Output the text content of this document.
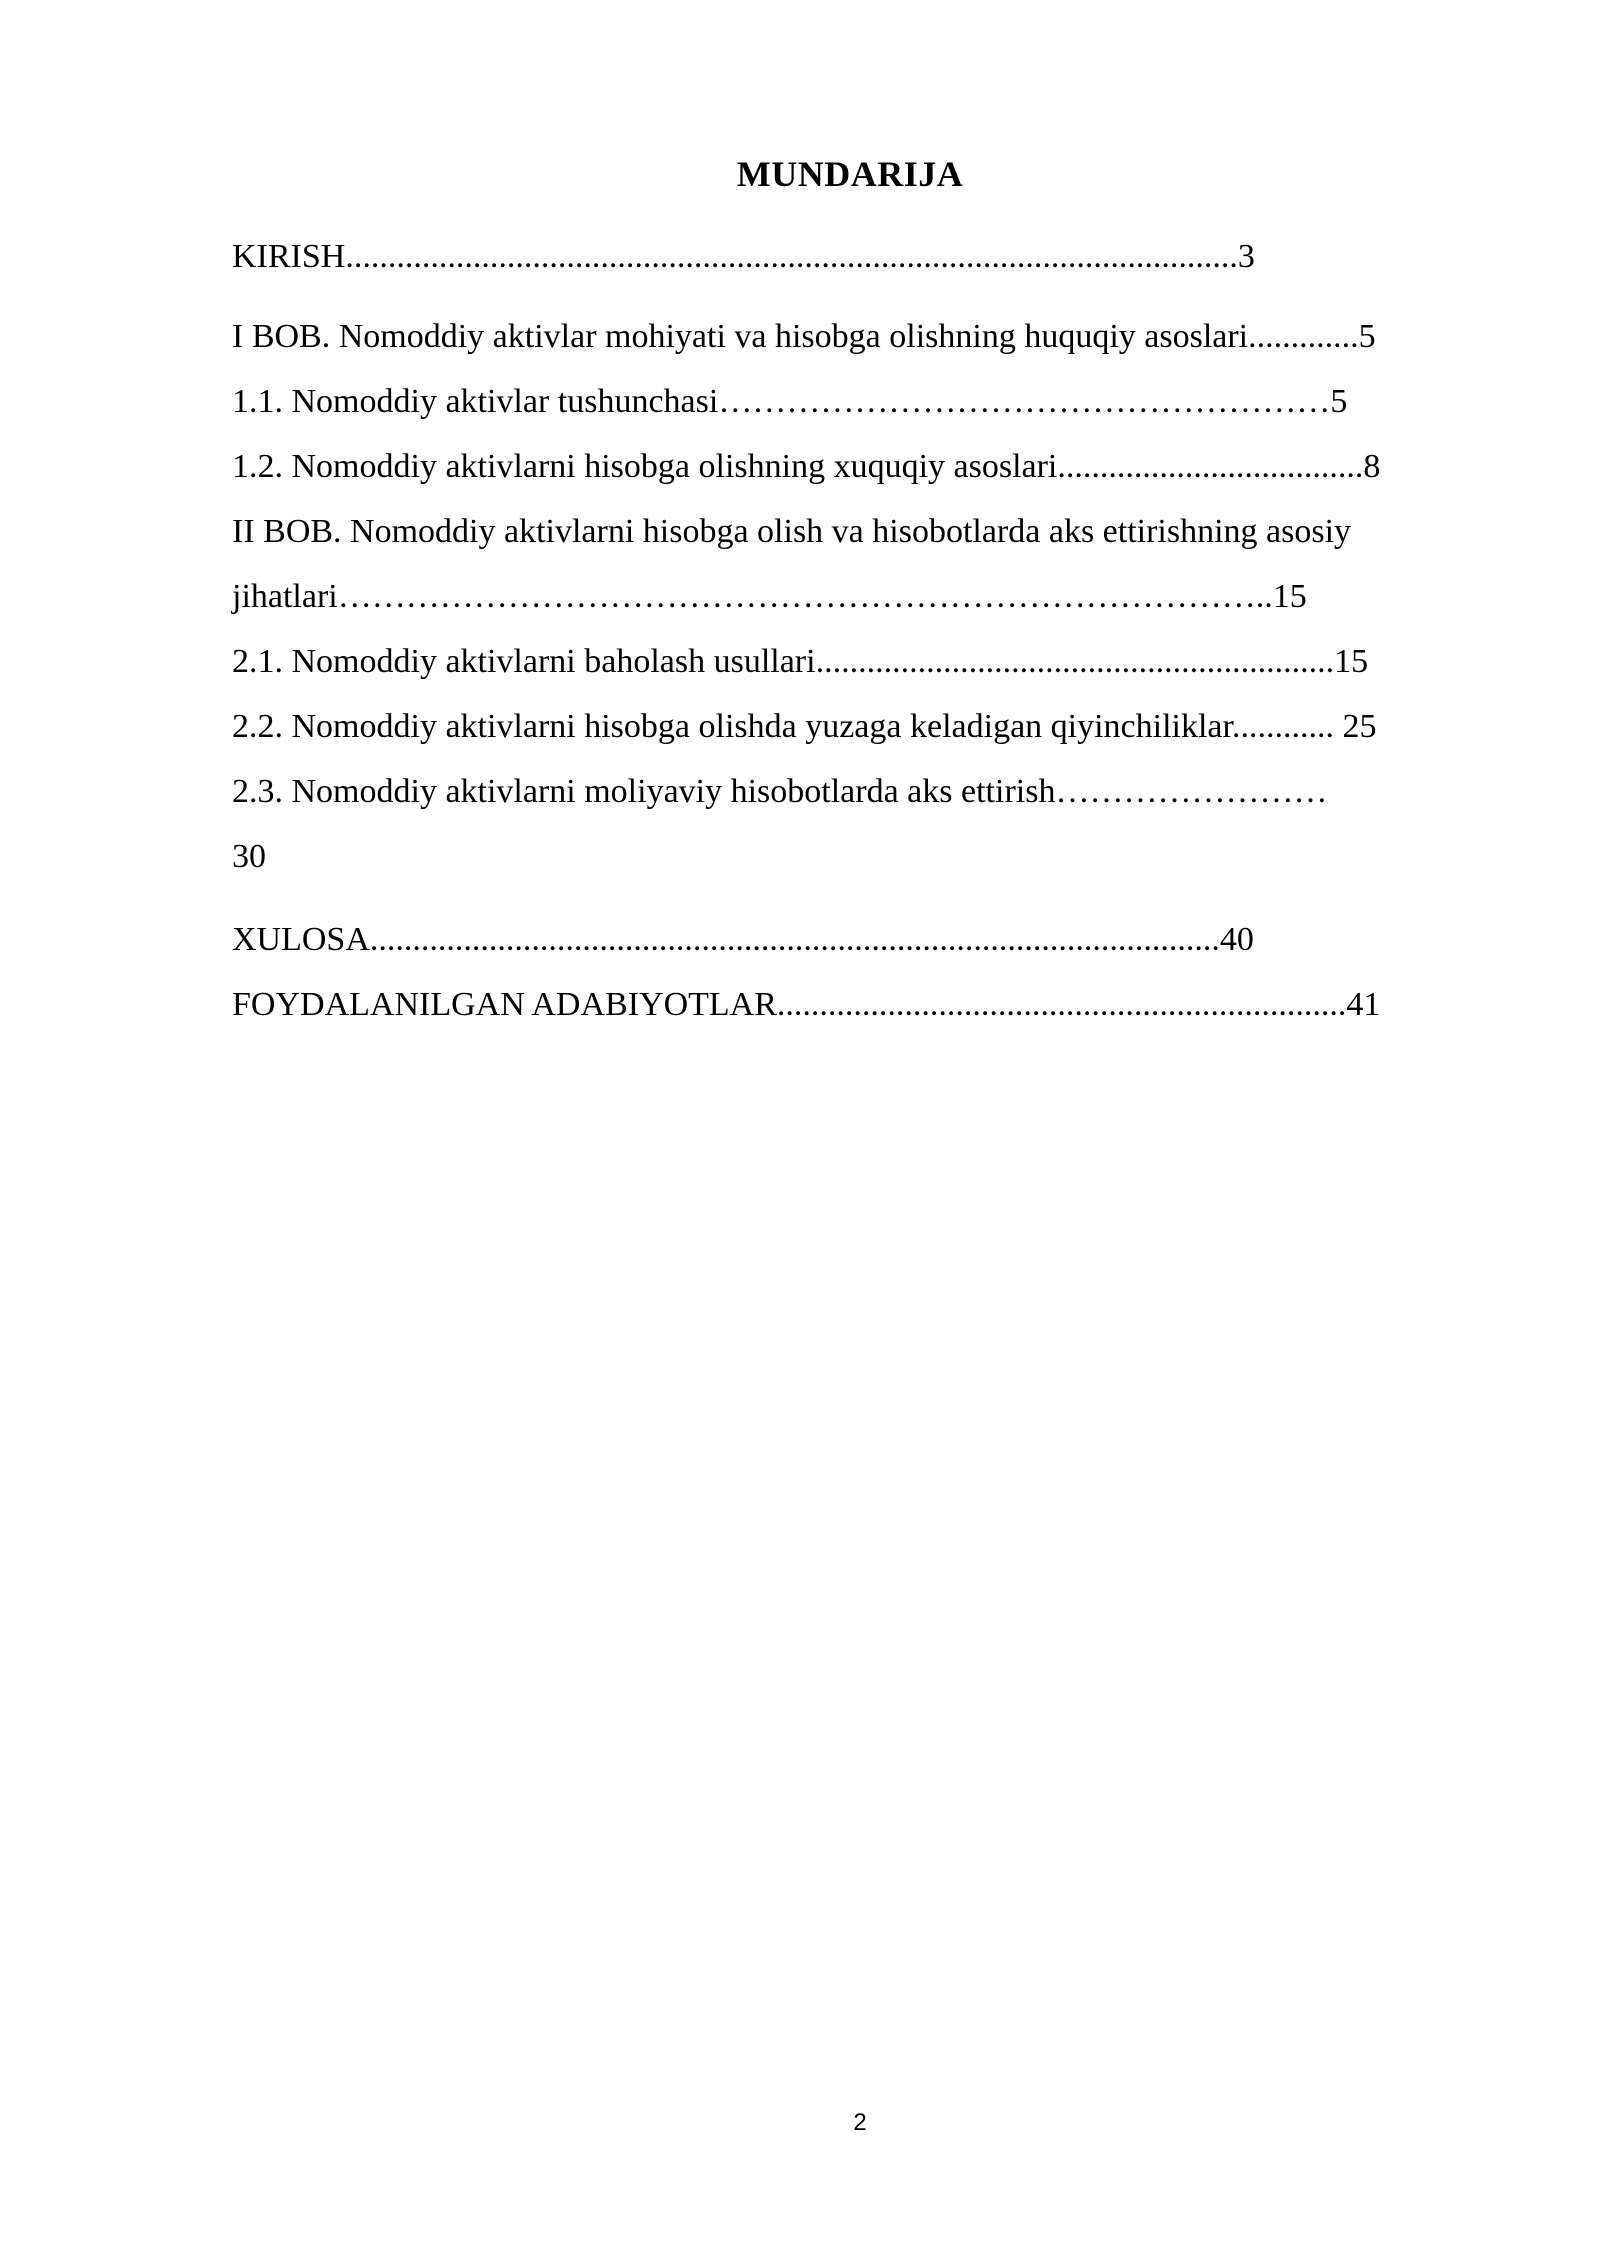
MUNDARIJA
KIRISH.........................................................................................................3
I BOB. Nomoddiy aktivlar mohiyati va hisobga olishning huquqiy asoslari.............5
1.1. Nomoddiy aktivlar tushunchasi………………………………………………5
1.2. Nomoddiy aktivlarni hisobga olishning xuquqiy asoslari....................................8
II BOB. Nomoddiy aktivlarni hisobga olish va hisobotlarda aks ettirishning asosiy
jihatlari………………………………………………………………………..15
2.1. Nomoddiy aktivlarni baholash usullari.............................................................15
2.2. Nomoddiy aktivlarni hisobga olishda yuzaga keladigan qiyinchiliklar............ 25
2.3. Nomoddiy aktivlarni moliyaviy hisobotlarda aks ettirish……………………
30
XULOSA....................................................................................................40
FOYDALANILGAN ADABIYOTLAR...................................................................41
2
